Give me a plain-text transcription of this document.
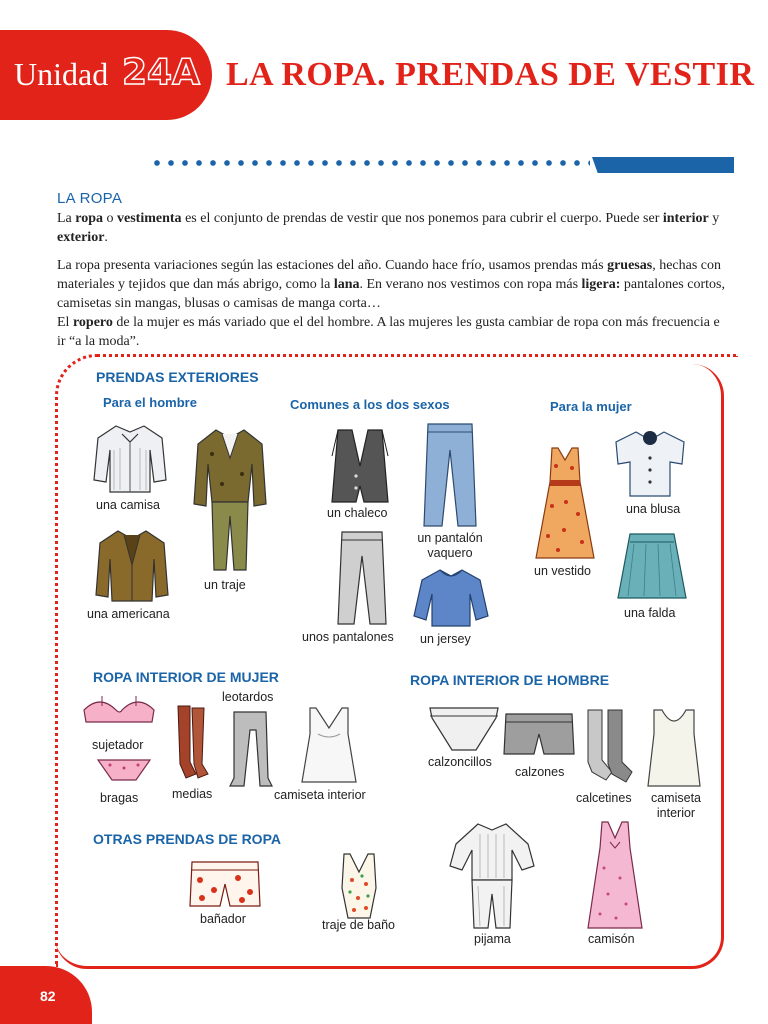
Unidad 24A LA ROPA. PRENDAS DE VESTIR
LA ROPA

La ropa o vestimenta es el conjunto de prendas de vestir que nos ponemos para cubrir el cuerpo. Puede ser interior y exterior.

La ropa presenta variaciones según las estaciones del año. Cuando hace frío, usamos prendas más gruesas, hechas con materiales y tejidos que dan más abrigo, como la lana. En verano nos vestimos con ropa más ligera: pantalones cortos, camisetas sin mangas, blusas o camisas de manga corta…

El ropero de la mujer es más variado que el del hombre. A las mujeres les gusta cambiar de ropa con más frecuencia e ir “a la moda”.

PRENDAS EXTERIORES
Para el hombre	Comunes a los dos sexos	Para la mujer
una camisa
un traje
una americana
un chaleco
un pantalón vaquero
unos pantalones un jersey
una blusa
un vestido
una falda
ROPA INTERIOR DE MUJER
leotardos
sujetador
bragas	medias	camiseta interior
ROPA INTERIOR DE HOMBRE
calzoncillos
calzones
calcetines	camiseta interior
OTRAS PRENDAS DE ROPA
bañador	traje de baño
pijama	camisón
82
